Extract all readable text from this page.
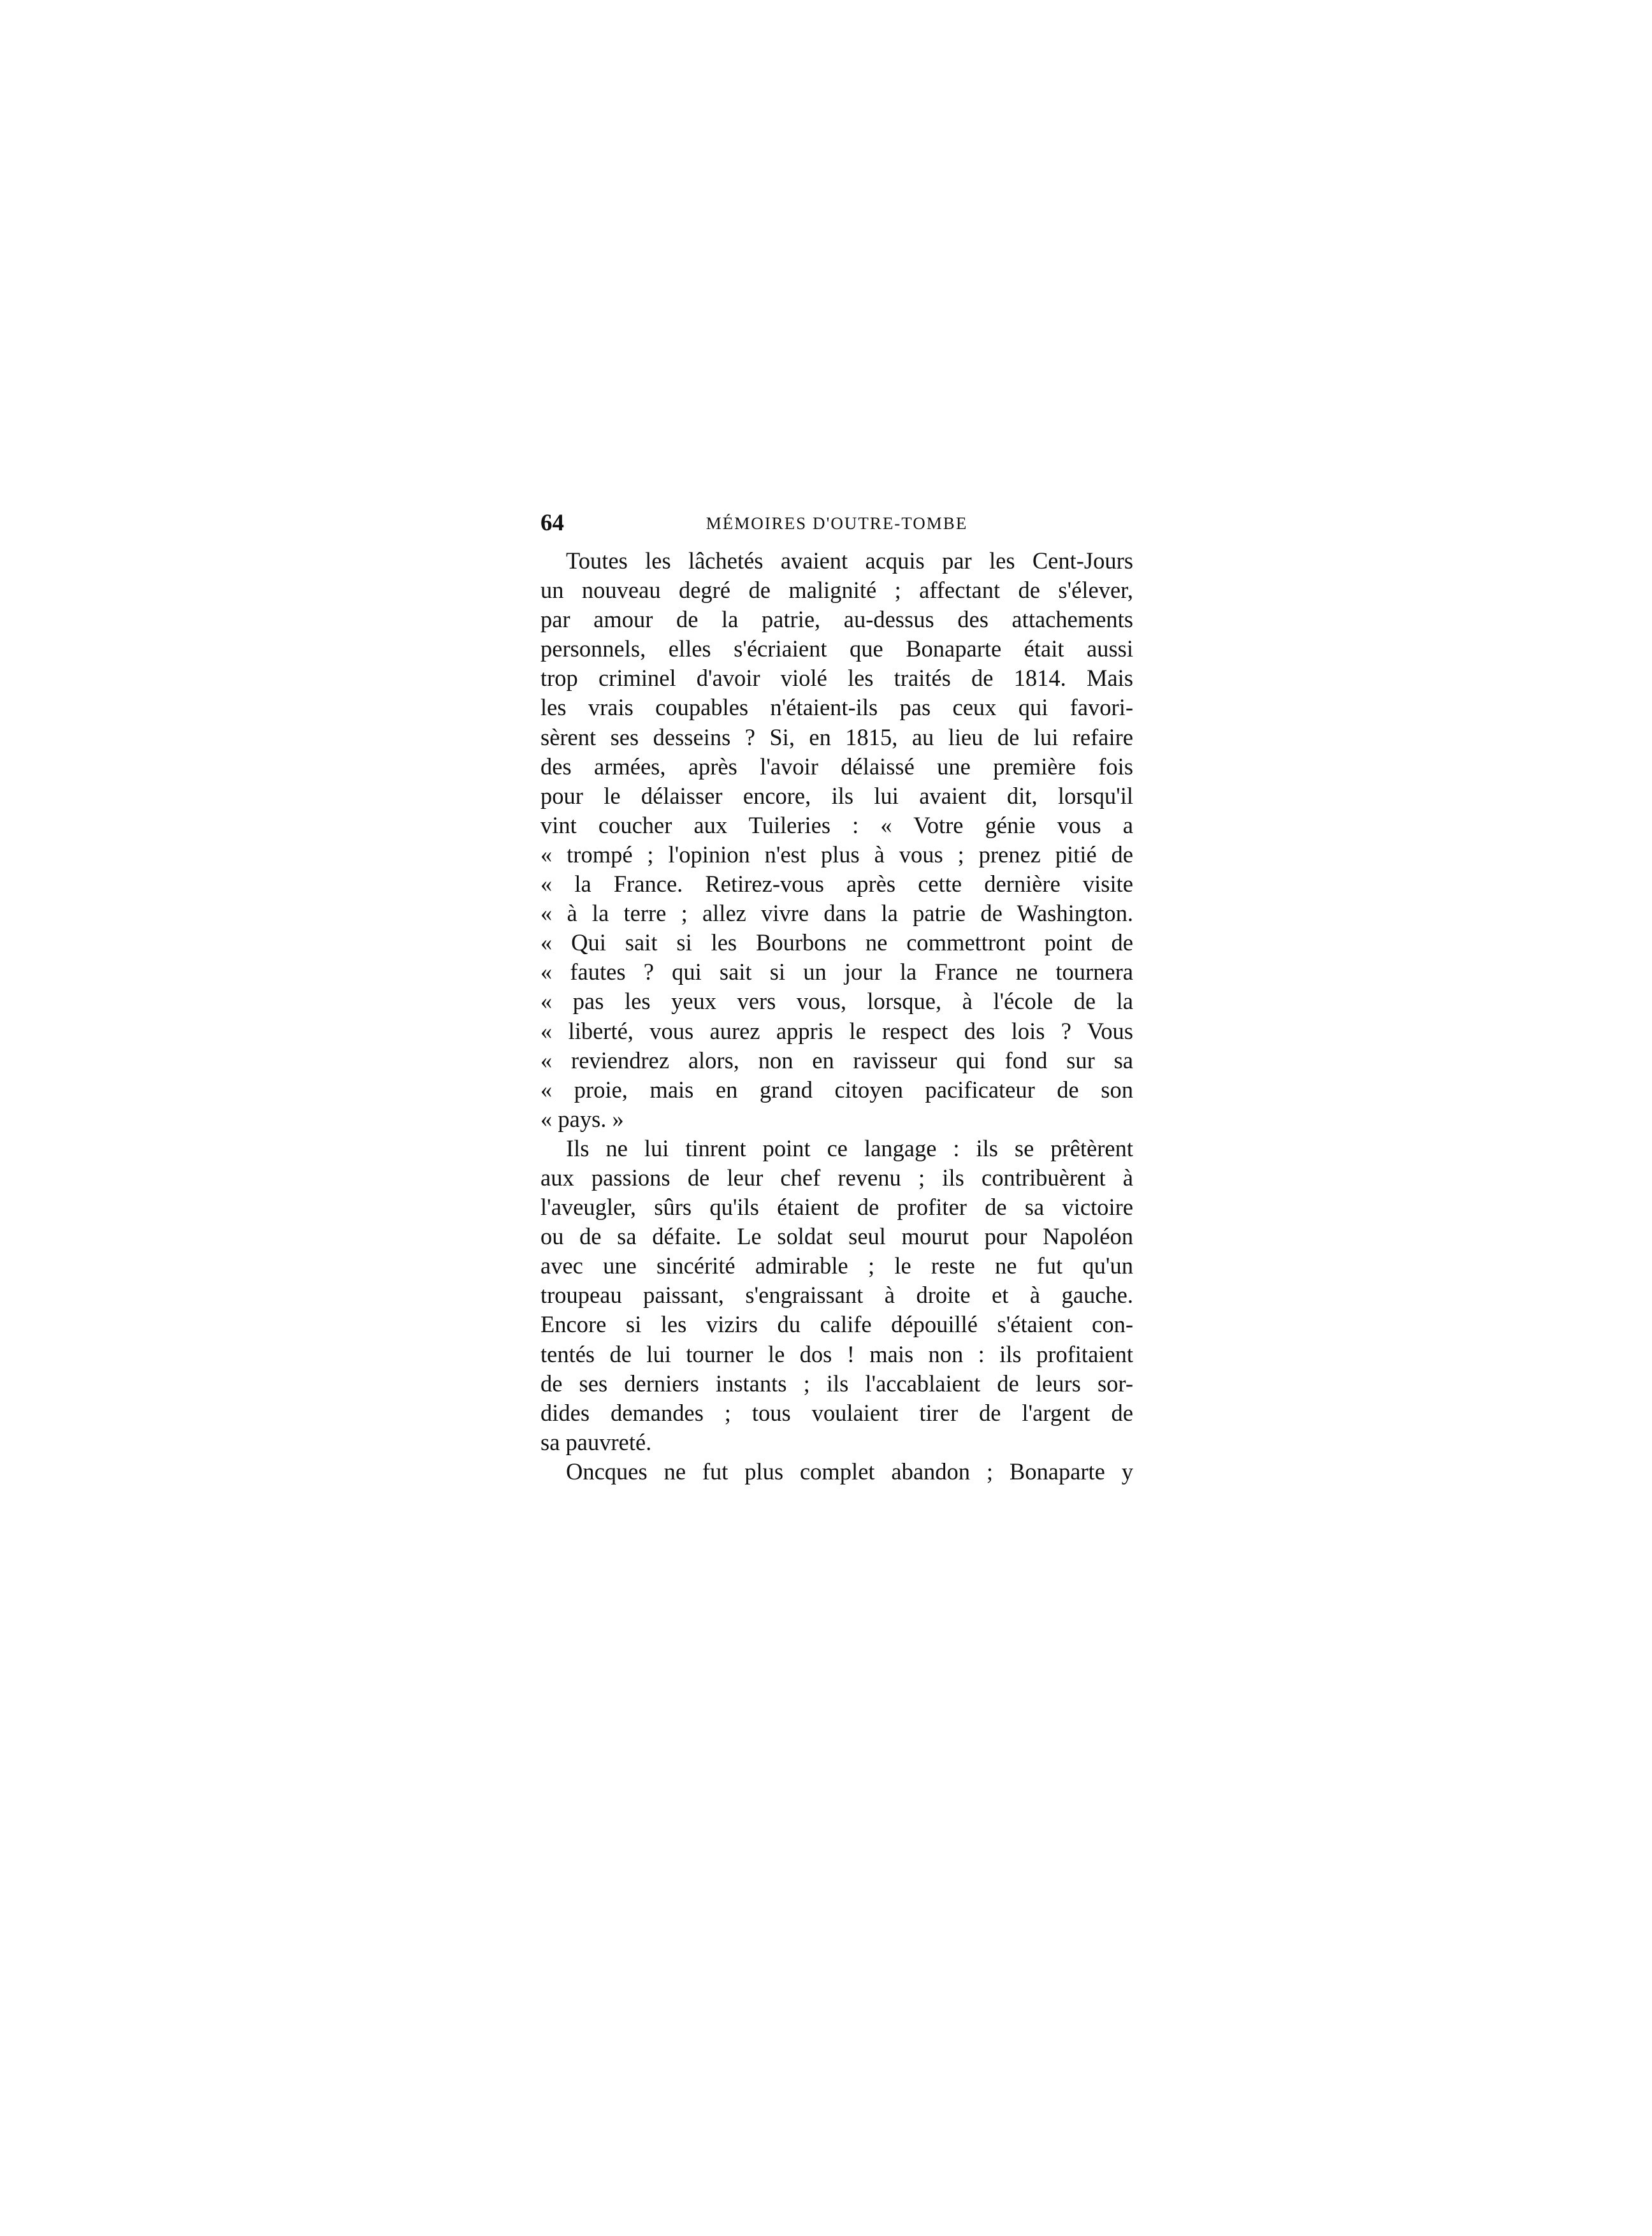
64	MÉMOIRES D'OUTRE-TOMBE
Toutes les lâchetés avaient acquis par les Cent-Jours
un nouveau degré de malignité ; affectant de s'élever,
par amour de la patrie, au-dessus des attachements
personnels, elles s'écriaient que Bonaparte était aussi
trop criminel d'avoir violé les traités de 1814. Mais
les vrais coupables n'étaient-ils pas ceux qui favori-
sèrent ses desseins ? Si, en 1815, au lieu de lui refaire
des armées, après l'avoir délaissé une première fois
pour le délaisser encore, ils lui avaient dit, lorsqu'il
vint coucher aux Tuileries : « Votre génie vous a
« trompé ; l'opinion n'est plus à vous ; prenez pitié de
« la France. Retirez-vous après cette dernière visite
« à la terre ; allez vivre dans la patrie de Washington.
« Qui sait si les Bourbons ne commettront point de
« fautes ? qui sait si un jour la France ne tournera
« pas les yeux vers vous, lorsque, à l'école de la
« liberté, vous aurez appris le respect des lois ? Vous
« reviendrez alors, non en ravisseur qui fond sur sa
« proie, mais en grand citoyen pacificateur de son
« pays. »
Ils ne lui tinrent point ce langage : ils se prêtèrent
aux passions de leur chef revenu ; ils contribuèrent à
l'aveugler, sûrs qu'ils étaient de profiter de sa victoire
ou de sa défaite. Le soldat seul mourut pour Napoléon
avec une sincérité admirable ; le reste ne fut qu'un
troupeau paissant, s'engraissant à droite et à gauche.
Encore si les vizirs du calife dépouillé s'étaient con-
tentés de lui tourner le dos ! mais non : ils profitaient
de ses derniers instants ; ils l'accablaient de leurs sor-
dides demandes ; tous voulaient tirer de l'argent de
sa pauvreté.
Oncques ne fut plus complet abandon ; Bonaparte y
